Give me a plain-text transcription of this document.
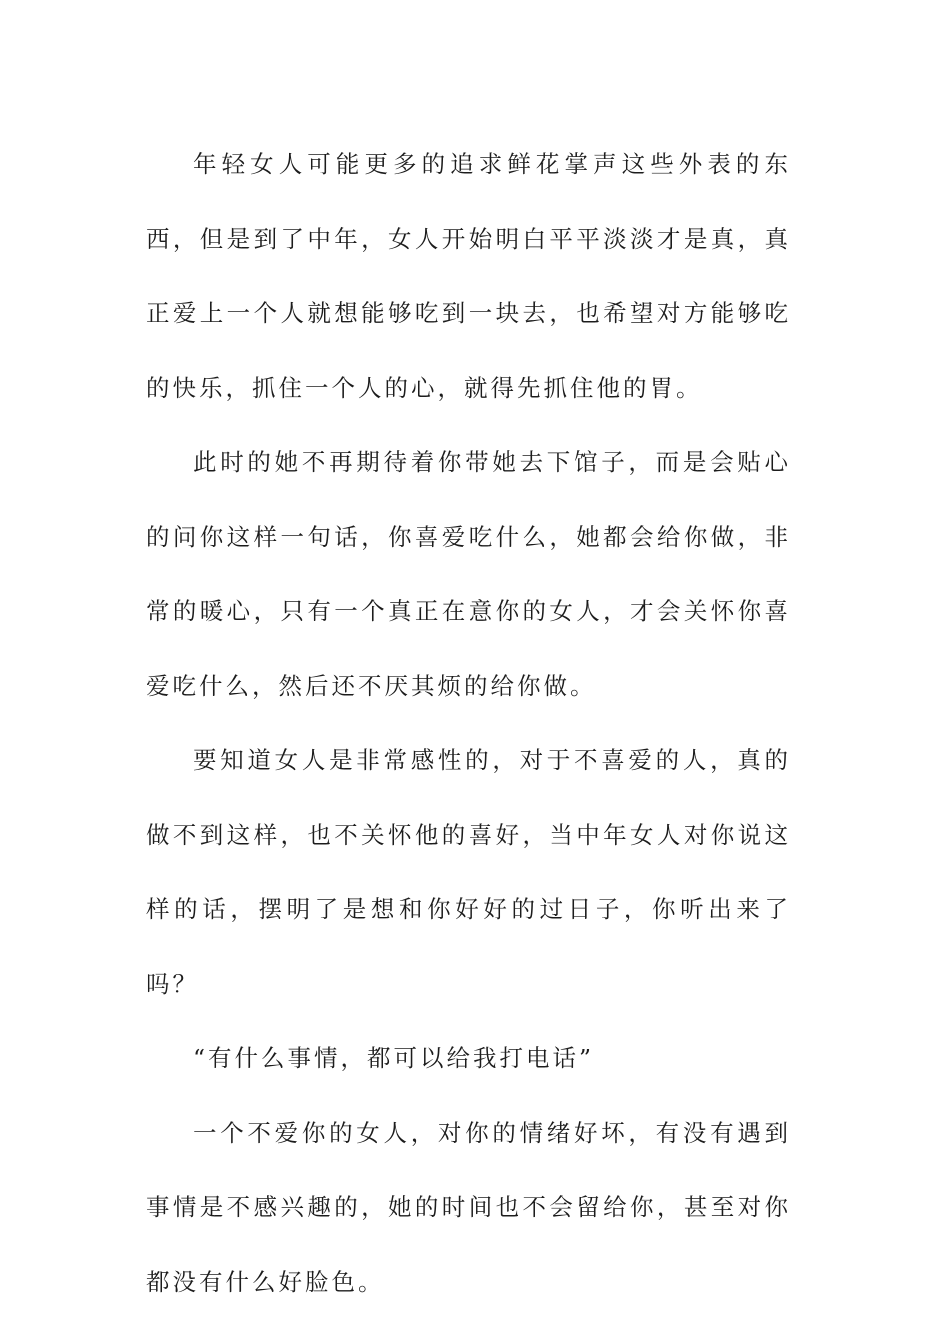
年轻女人可能更多的追求鲜花掌声这些外表的东西，但是到了中年，女人开始明白平平淡淡才是真，真正爱上一个人就想能够吃到一块去，也希望对方能够吃的快乐，抓住一个人的心，就得先抓住他的胃。

此时的她不再期待着你带她去下馆子，而是会贴心的问你这样一句话，你喜爱吃什么，她都会给你做，非常的暖心，只有一个真正在意你的女人，才会关怀你喜爱吃什么，然后还不厌其烦的给你做。

要知道女人是非常感性的，对于不喜爱的人，真的做不到这样，也不关怀他的喜好，当中年女人对你说这样的话，摆明了是想和你好好的过日子，你听出来了吗？

“有什么事情，都可以给我打电话”

一个不爱你的女人，对你的情绪好坏，有没有遇到事情是不感兴趣的，她的时间也不会留给你，甚至对你都没有什么好脸色。
